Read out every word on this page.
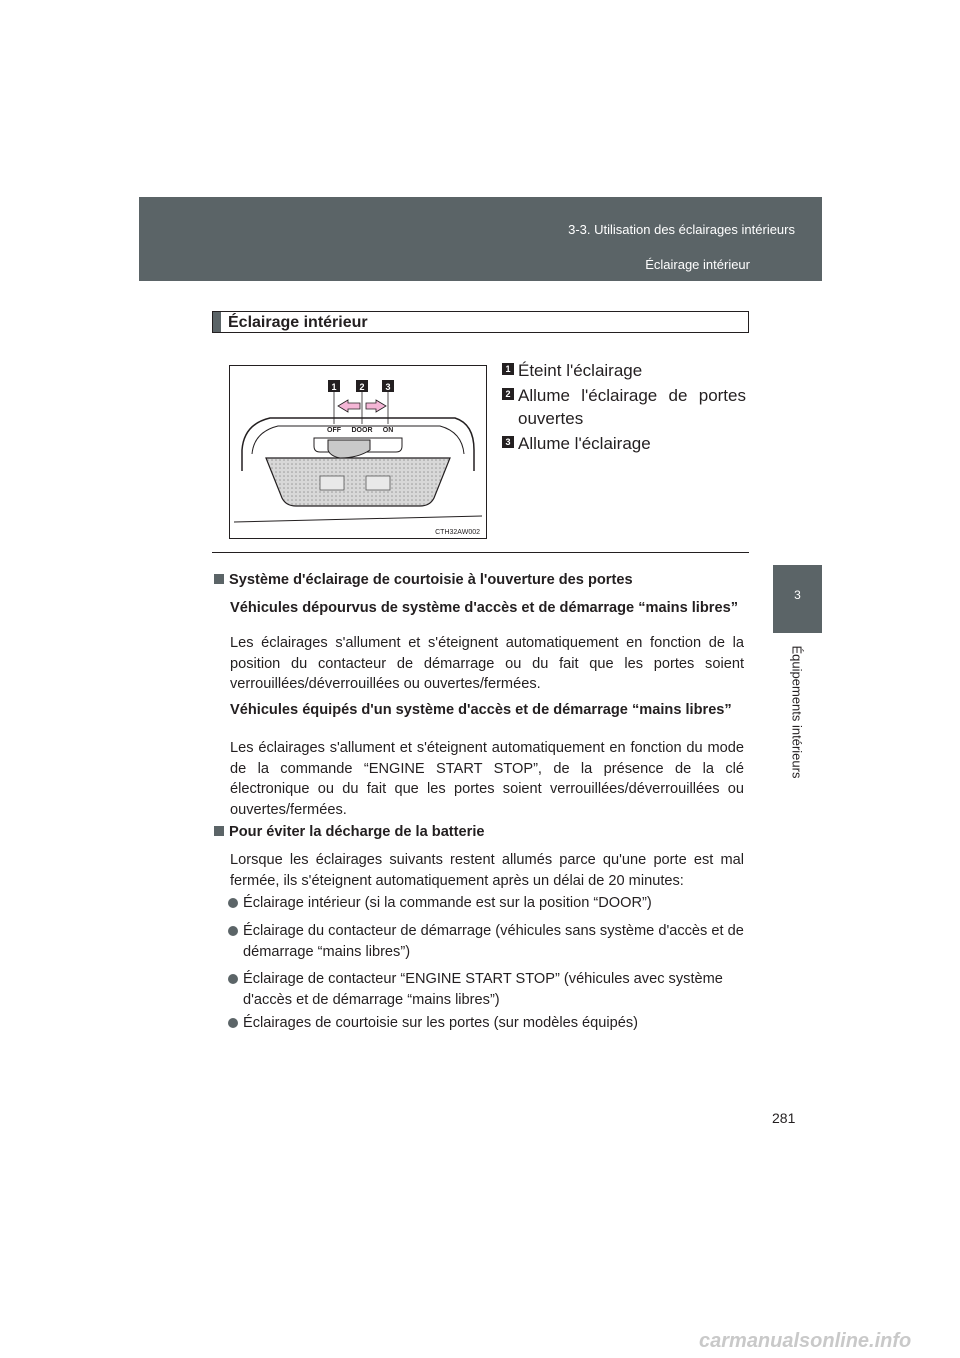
3-3. Utilisation des éclairages intérieurs
Éclairage intérieur
3
Équipements intérieurs
Éclairage intérieur
1	2 3
OFF DOOR ON
CTH32AW002
1 Éteint l'éclairage
2 Allume l'éclairage de portes ouvertes
3 Allume l'éclairage
Système d'éclairage de courtoisie à l'ouverture des portes
Véhicules dépourvus de système d'accès et de démarrage “mains libres”
Les éclairages s'allument et s'éteignent automatiquement en fonction de la position du contacteur de démarrage ou du fait que les portes soient verrouillées/déverrouillées ou ouvertes/fermées.
Véhicules équipés d'un système d'accès et de démarrage “mains libres”
Les éclairages s'allument et s'éteignent automatiquement en fonction du mode de la commande “ENGINE START STOP”, de la présence de la clé électronique ou du fait que les portes soient verrouillées/déverrouillées ou ouvertes/fermées.
Pour éviter la décharge de la batterie
Lorsque les éclairages suivants restent allumés parce qu'une porte est mal fermée, ils s'éteignent automatiquement après un délai de 20 minutes:
Éclairage intérieur (si la commande est sur la position “DOOR”)
Éclairage du contacteur de démarrage (véhicules sans système d'accès et de démarrage “mains libres”)
Éclairage de contacteur “ENGINE START STOP” (véhicules avec système d'accès et de démarrage “mains libres”)
Éclairages de courtoisie sur les portes (sur modèles équipés)
281
carmanualsonline.info
